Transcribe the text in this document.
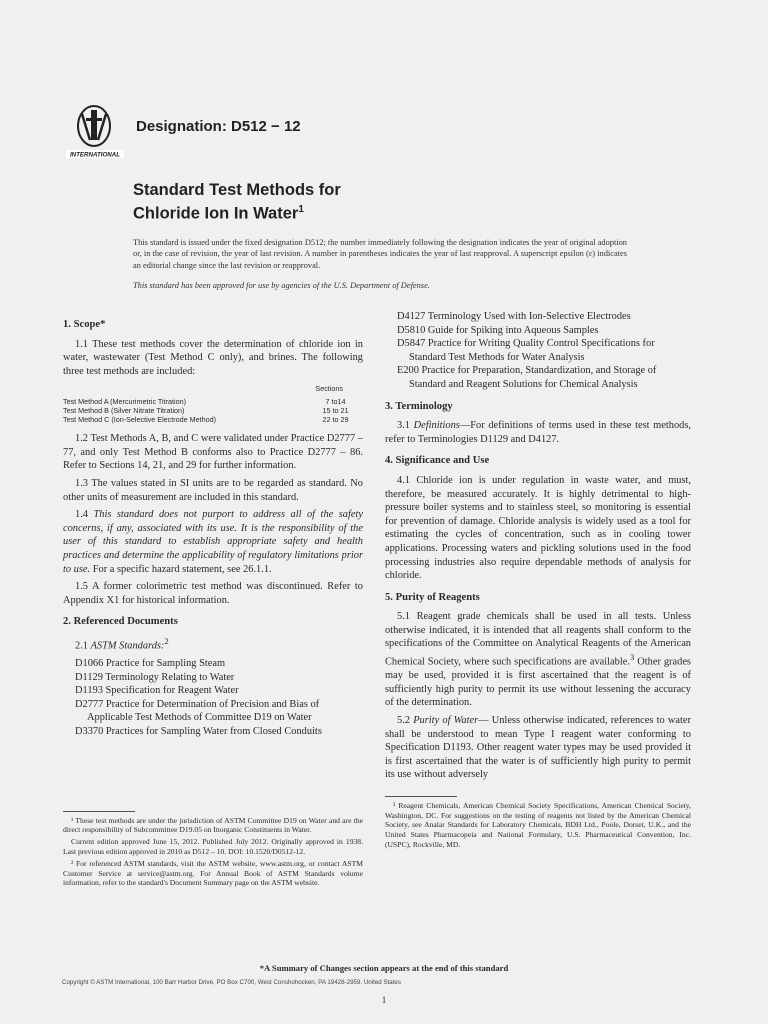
INTERNATIONAL
Designation: D512 − 12
Standard Test Methods for
Chloride Ion In Water$^1$
This standard is issued under the fixed designation D512; the number immediately following the designation indicates the year of original adoption or, in the case of revision, the year of last revision. A number in parentheses indicates the year of last reapproval. A superscript epsilon (ε) indicates an editorial change since the last revision or reapproval.
This standard has been approved for use by agencies of the U.S. Department of Defense.
1. Scope*

1.1 These test methods cover the determination of chloride ion in water, wastewater (Test Method C only), and brines. The following three test methods are included:

Sections
Test Method A (Mercurimetric Titration)	7 to14
Test Method B (Silver Nitrate Titration)	15 to 21
Test Method C (Ion-Selective Electrode Method)	22 to 29

1.2 Test Methods A, B, and C were validated under Practice D2777 – 77, and only Test Method B conforms also to Practice D2777 – 86. Refer to Sections 14, 21, and 29 for further information.

1.3 The values stated in SI units are to be regarded as standard. No other units of measurement are included in this standard.

1.4 This standard does not purport to address all of the safety concerns, if any, associated with its use. It is the responsibility of the user of this standard to establish appropriate safety and health practices and determine the applicability of regulatory limitations prior to use. For a specific hazard statement, see 26.1.1.

1.5 A former colorimetric test method was discontinued. Refer to Appendix X1 for historical information.

2. Referenced Documents

2.1 ASTM Standards:$^2$

D1066 Practice for Sampling Steam

D1129 Terminology Relating to Water

D1193 Specification for Reagent Water

D2777 Practice for Determination of Precision and Bias of Applicable Test Methods of Committee D19 on Water

D3370 Practices for Sampling Water from Closed Conduits

¹ These test methods are under the jurisdiction of ASTM Committee D19 on Water and are the direct responsibility of Subcommittee D19.05 on Inorganic Constituents in Water.

Current edition approved June 15, 2012. Published July 2012. Originally approved in 1938. Last previous edition approved in 2010 as D512 – 10. DOI: 10.1520/D0512-12.

² For referenced ASTM standards, visit the ASTM website, www.astm.org, or contact ASTM Customer Service at service@astm.org. For Annual Book of ASTM Standards volume information, refer to the standard's Document Summary page on the ASTM website.

D4127 Terminology Used with Ion-Selective Electrodes

D5810 Guide for Spiking into Aqueous Samples

D5847 Practice for Writing Quality Control Specifications for Standard Test Methods for Water Analysis

E200 Practice for Preparation, Standardization, and Storage of Standard and Reagent Solutions for Chemical Analysis

3. Terminology

3.1 Definitions—For definitions of terms used in these test methods, refer to Terminologies D1129 and D4127.

4. Significance and Use

4.1 Chloride ion is under regulation in waste water, and must, therefore, be measured accurately. It is highly detrimental to high-pressure boiler systems and to stainless steel, so monitoring is essential for prevention of damage. Chloride analysis is widely used as a tool for estimating the cycles of concentration, such as in cooling tower applications. Processing waters and pickling solutions used in the food processing industries also require dependable methods of analysis for chloride.

5. Purity of Reagents

5.1 Reagent grade chemicals shall be used in all tests. Unless otherwise indicated, it is intended that all reagents shall conform to the specifications of the Committee on Analytical Reagents of the American Chemical Society, where such specifications are available.$^3$ Other grades may be used, provided it is first ascertained that the reagent is of sufficiently high purity to permit its use without lessening the accuracy of the determination.

5.2 Purity of Water— Unless otherwise indicated, references to water shall be understood to mean Type I reagent water conforming to Specification D1193. Other reagent water types may be used provided it is first ascertained that the water is of sufficiently high purity to permit its use without adversely

³ Reagent Chemicals, American Chemical Society Specifications, American Chemical Society, Washington, DC. For suggestions on the testing of reagents not listed by the American Chemical Society, see Analar Standards for Laboratory Chemicals, BDH Ltd., Poole, Dorset, U.K., and the United States Pharmacopeia and National Formulary, U.S. Pharmaceutical Convention, Inc. (USPC), Rockville, MD.

*A Summary of Changes section appears at the end of this standard
Copyright © ASTM International, 100 Barr Harbor Drive, PO Box C700, West Conshohocken, PA 19428-2959. United States
1
